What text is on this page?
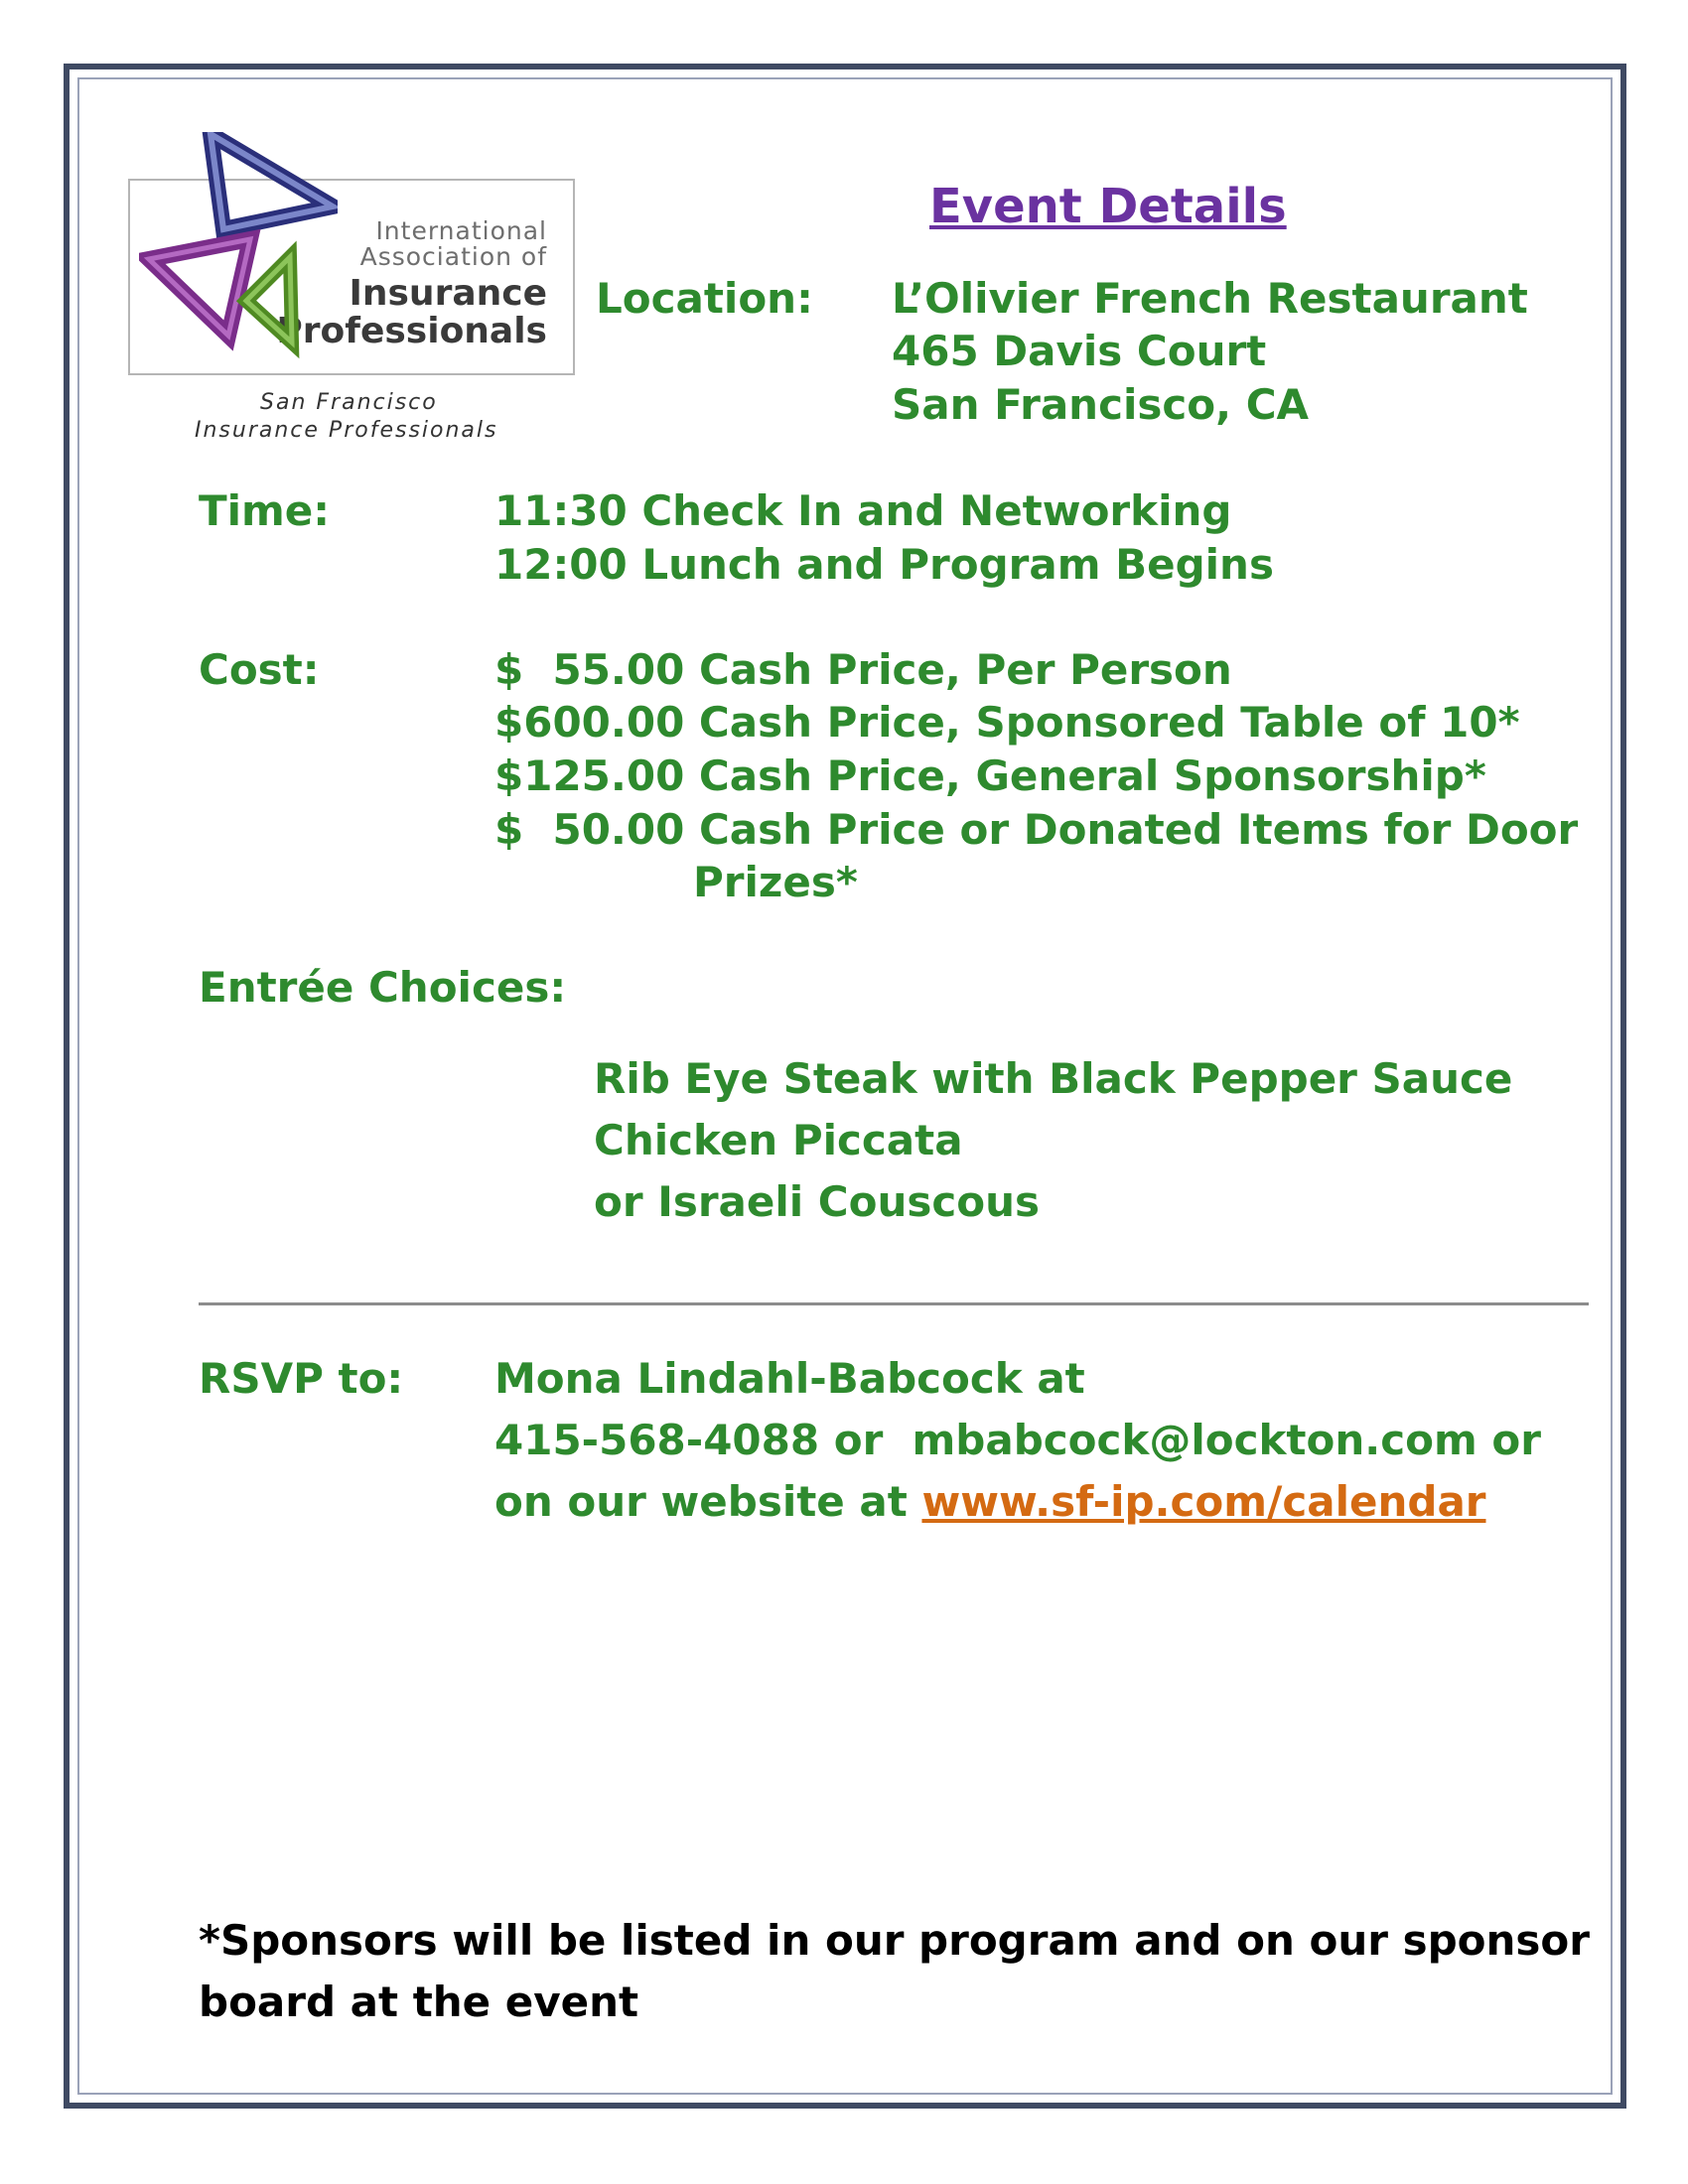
International
Association of
Insurance
Professionals
San Francisco
Insurance Professionals
Event Details
Location: L’Olivier French Restaurant
465 Davis Court
San Francisco, CA
Time:	11:30 Check In and Networking
12:00 Lunch and Program Begins
Cost:	$  55.00 Cash Price, Per Person
$600.00 Cash Price, Sponsored Table of 10*
$125.00 Cash Price, General Sponsorship*
$  50.00 Cash Price or Donated Items for Door
Prizes*
Entrée Choices:
Rib Eye Steak with Black Pepper Sauce
Chicken Piccata
or Israeli Couscous
RSVP to: Mona Lindahl-Babcock at
415-568-4088 or  mbabcock@lockton.com or
on our website at www.sf-ip.com/calendar
*Sponsors will be listed in our program and on our sponsor
board at the event
